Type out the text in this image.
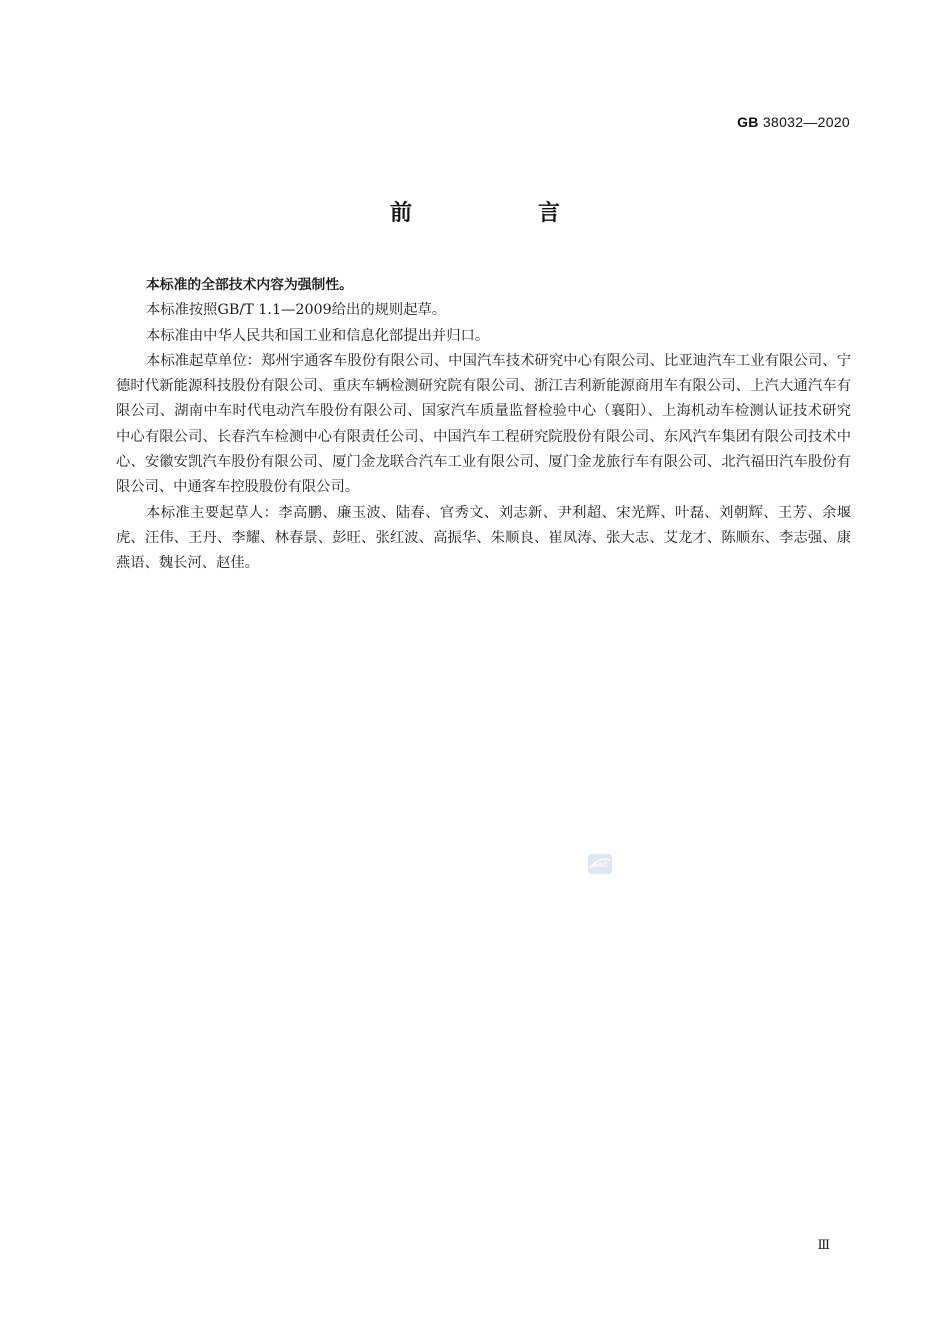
GB 38032—2020
前　言

本标准的全部技术内容为强制性。

本标准按照GB/T 1.1—2009给出的规则起草。

本标准由中华人民共和国工业和信息化部提出并归口。

本标准起草单位：郑州宇通客车股份有限公司、中国汽车技术研究中心有限公司、比亚迪汽车工业有限公司、宁德时代新能源科技股份有限公司、重庆车辆检测研究院有限公司、浙江吉利新能源商用车有限公司、上汽大通汽车有限公司、湖南中车时代电动汽车股份有限公司、国家汽车质量监督检验中心（襄阳）、上海机动车检测认证技术研究中心有限公司、长春汽车检测中心有限责任公司、中国汽车工程研究院股份有限公司、东风汽车集团有限公司技术中心、安徽安凯汽车股份有限公司、厦门金龙联合汽车工业有限公司、厦门金龙旅行车有限公司、北汽福田汽车股份有限公司、中通客车控股股份有限公司。

本标准主要起草人：李高鹏、廉玉波、陆春、官秀文、刘志新、尹利超、宋光辉、叶磊、刘朝辉、王芳、余堰虎、汪伟、王丹、李耀、林春景、彭旺、张红波、高振华、朱顺良、崔凤涛、张大志、艾龙才、陈顺东、李志强、康燕语、魏长河、赵佳。

SAC
Ⅲ
